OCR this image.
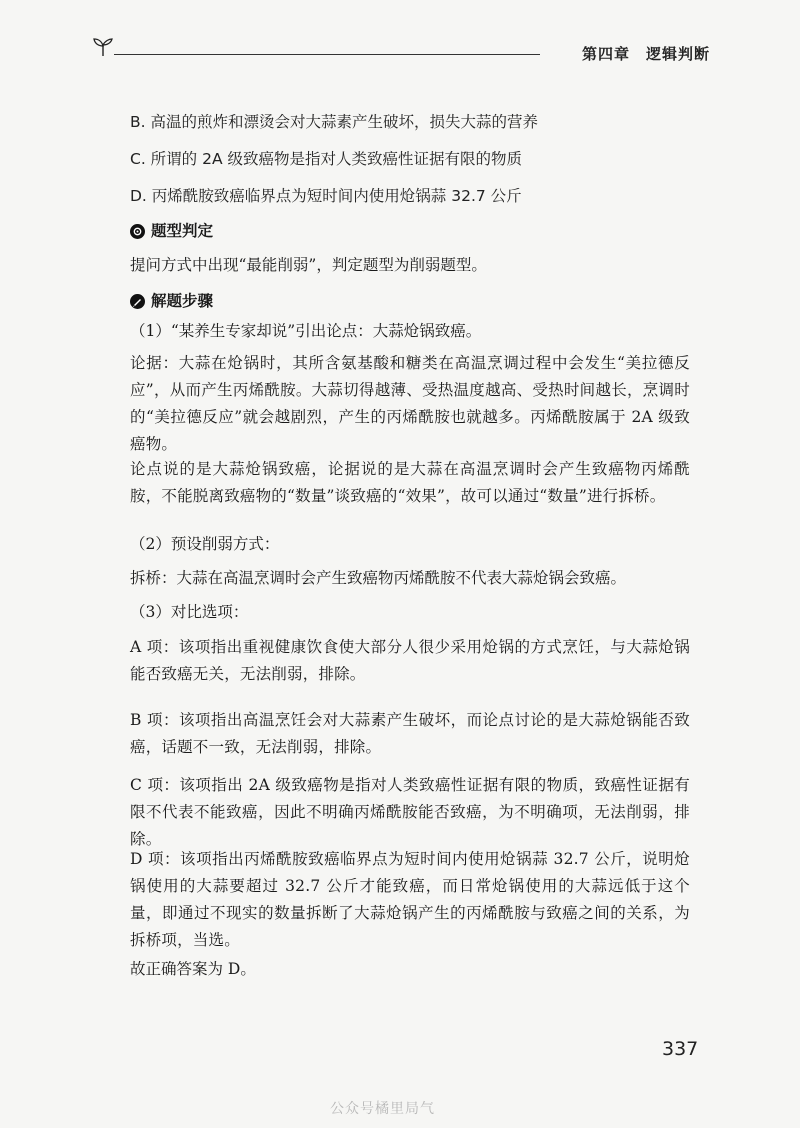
第四章　逻辑判断
B. 高温的煎炸和漂烫会对大蒜素产生破坏，损失大蒜的营养
C. 所谓的 2A 级致癌物是指对人类致癌性证据有限的物质
D. 丙烯酰胺致癌临界点为短时间内使用炝锅蒜 32.7 公斤
题型判定
提问方式中出现“最能削弱”，判定题型为削弱题型。
解题步骤
（1）“某养生专家却说”引出论点：大蒜炝锅致癌。
论据：大蒜在炝锅时，其所含氨基酸和糖类在高温烹调过程中会发生“美拉德反应”，从而产生丙烯酰胺。大蒜切得越薄、受热温度越高、受热时间越长，烹调时的“美拉德反应”就会越剧烈，产生的丙烯酰胺也就越多。丙烯酰胺属于 2A 级致癌物。
论点说的是大蒜炝锅致癌，论据说的是大蒜在高温烹调时会产生致癌物丙烯酰胺，不能脱离致癌物的“数量”谈致癌的“效果”，故可以通过“数量”进行拆桥。
（2）预设削弱方式：
拆桥：大蒜在高温烹调时会产生致癌物丙烯酰胺不代表大蒜炝锅会致癌。
（3）对比选项：
A 项：该项指出重视健康饮食使大部分人很少采用炝锅的方式烹饪，与大蒜炝锅能否致癌无关，无法削弱，排除。
B 项：该项指出高温烹饪会对大蒜素产生破坏，而论点讨论的是大蒜炝锅能否致癌，话题不一致，无法削弱，排除。
C 项：该项指出 2A 级致癌物是指对人类致癌性证据有限的物质，致癌性证据有限不代表不能致癌，因此不明确丙烯酰胺能否致癌，为不明确项，无法削弱，排除。
D 项：该项指出丙烯酰胺致癌临界点为短时间内使用炝锅蒜 32.7 公斤，说明炝锅使用的大蒜要超过 32.7 公斤才能致癌，而日常炝锅使用的大蒜远低于这个量，即通过不现实的数量拆断了大蒜炝锅产生的丙烯酰胺与致癌之间的关系，为拆桥项，当选。
故正确答案为 D。
337
公众号橘里局气
